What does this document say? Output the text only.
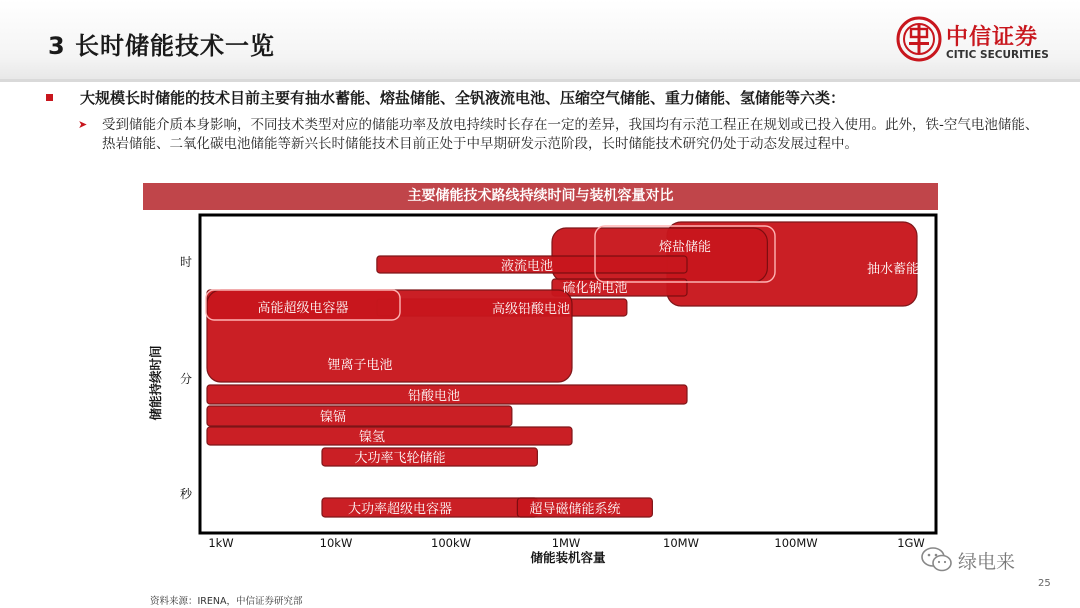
3 长时储能技术一览	中信证券
CITIC SECURITIES
大规模长时储能的技术目前主要有抽水蓄能、熔盐储能、全钒液流电池、压缩空气储能、重力储能、氢储能等六类：
➤ 受到储能介质本身影响，不同技术类型对应的储能功率及放电持续时长存在一定的差异，我国均有示范工程正在规划或已投入使用。此外，铁-空气电池储能、热岩储能、二氧化碳电池储能等新兴长时储能技术目前正处于中早期研发示范阶段，长时储能技术研究仍处于动态发展过程中。
主要储能技术路线持续时间与装机容量对比
抽水蓄能
熔盐储能
液流电池
硫化钠电池
高能超级电容器	高级铅酸电池
锂离子电池
铅酸电池
镍镉
镍氢
大功率飞轮储能
大功率超级电容器	超导磁储能系统
时
分
秒
1kW	10kW	100kW	1MW	10MW	100MW	1GW
储能装机容量
储能持续时间
资料来源：IRENA，中信证券研究部
绿电来
25
